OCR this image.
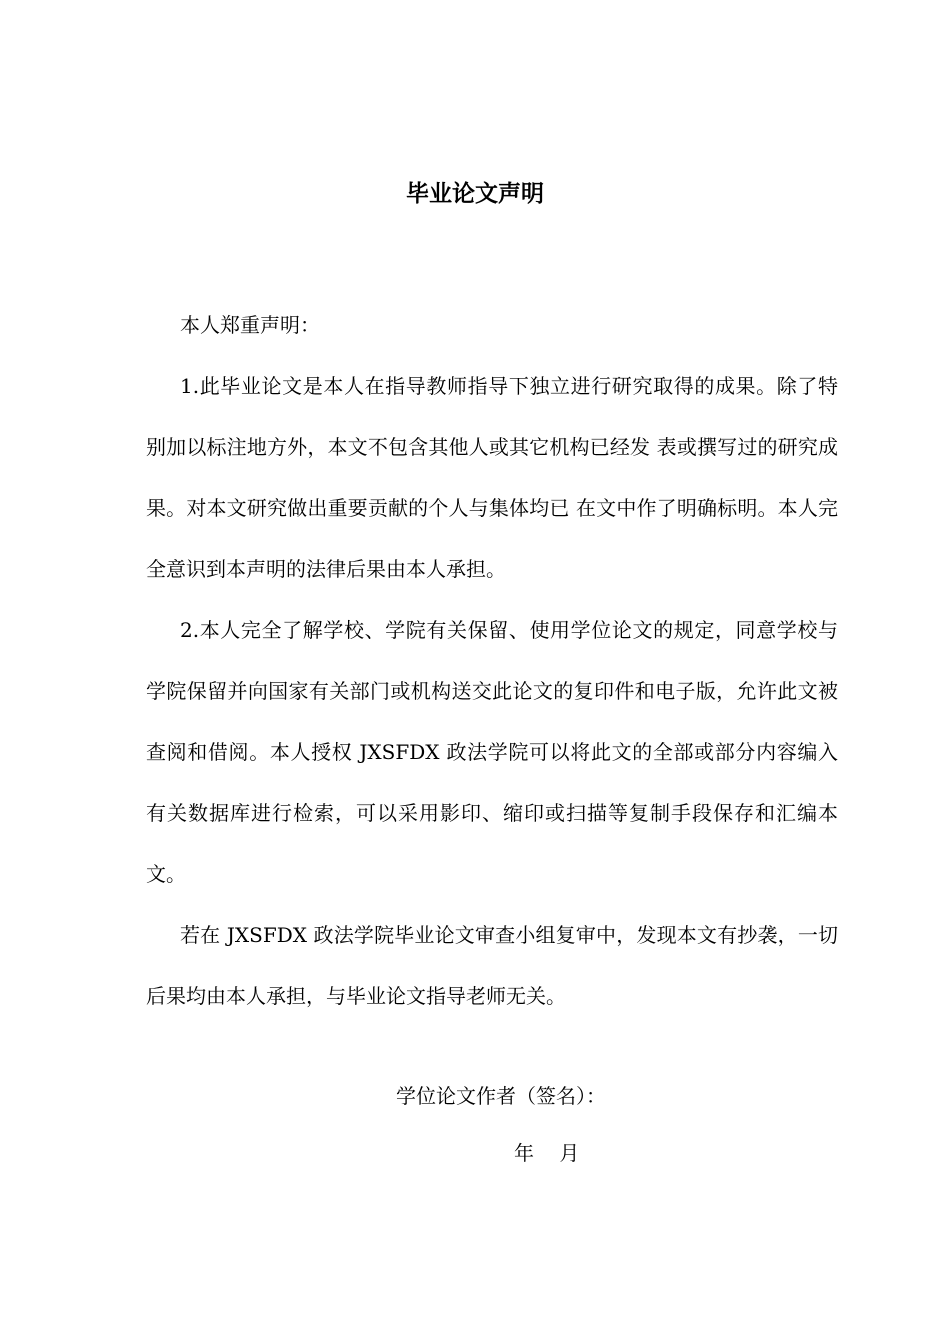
毕业论文声明

本人郑重声明：

1.此毕业论文是本人在指导教师指导下独立进行研究取得的成果。除了特别加以标注地方外，本文不包含其他人或其它机构已经发 表或撰写过的研究成果。对本文研究做出重要贡献的个人与集体均已 在文中作了明确标明。本人完全意识到本声明的法律后果由本人承担。

2.本人完全了解学校、学院有关保留、使用学位论文的规定，同意学校与学院保留并向国家有关部门或机构送交此论文的复印件和电子版，允许此文被查阅和借阅。本人授权 JXSFDX 政法学院可以将此文的全部或部分内容编入有关数据库进行检索，可以采用影印、缩印或扫描等复制手段保存和汇编本文。

若在 JXSFDX 政法学院毕业论文审查小组复审中，发现本文有抄袭，一切后果均由本人承担，与毕业论文指导老师无关。

学位论文作者（签名）：
年    月
